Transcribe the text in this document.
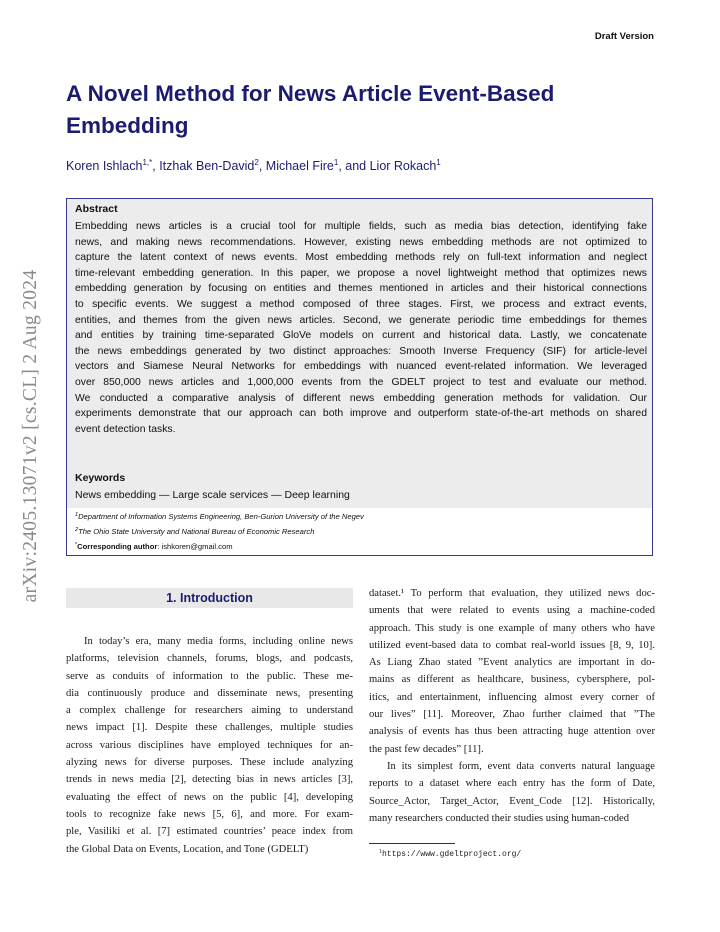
Draft Version
arXiv:2405.13071v2 [cs.CL] 2 Aug 2024
A Novel Method for News Article Event-Based Embedding
Koren Ishlach$^{1,*}$, Itzhak Ben-David$^2$, Michael Fire$^1$, and Lior Rokach$^1$
Abstract
Embedding news articles is a crucial tool for multiple fields, such as media bias detection, identifying fake
news, and making news recommendations. However, existing news embedding methods are not optimized to
capture the latent context of news events. Most embedding methods rely on full-text information and neglect
time-relevant embedding generation. In this paper, we propose a novel lightweight method that optimizes news
embedding generation by focusing on entities and themes mentioned in articles and their historical connections
to specific events. We suggest a method composed of three stages. First, we process and extract events,
entities, and themes from the given news articles. Second, we generate periodic time embeddings for themes
and entities by training time-separated GloVe models on current and historical data. Lastly, we concatenate
the news embeddings generated by two distinct approaches: Smooth Inverse Frequency (SIF) for article-level
vectors and Siamese Neural Networks for embeddings with nuanced event-related information. We leveraged
over 850,000 news articles and 1,000,000 events from the GDELT project to test and evaluate our method.
We conducted a comparative analysis of different news embedding generation methods for validation. Our
experiments demonstrate that our approach can both improve and outperform state-of-the-art methods on shared
event detection tasks.
Keywords
News embedding — Large scale services — Deep learning
$^1$Department of Information Systems Engineering, Ben-Gurion University of the Negev
$^2$The Ohio State University and National Bureau of Economic Research
*Corresponding author: ishkoren@gmail.com
1. Introduction
In today’s era, many media forms, including online news
platforms, television channels, forums, blogs, and podcasts,
serve as conduits of information to the public. These me-
dia continuously produce and disseminate news, presenting
a complex challenge for researchers aiming to understand
news impact [1]. Despite these challenges, multiple studies
across various disciplines have employed techniques for an-
alyzing news for diverse purposes. These include analyzing
trends in news media [2], detecting bias in news articles [3],
evaluating the effect of news on the public [4], developing
tools to recognize fake news [5, 6], and more. For exam-
ple, Vasiliki et al. [7] estimated countries’ peace index from
the Global Data on Events, Location, and Tone (GDELT)
dataset.¹ To perform that evaluation, they utilized news doc-
uments that were related to events using a machine-coded
approach. This study is one example of many others who have
utilized event-based data to combat real-world issues [8, 9, 10].
As Liang Zhao stated ”Event analytics are important in do-
mains as different as healthcare, business, cybersphere, pol-
itics, and entertainment, influencing almost every corner of
our lives” [11]. Moreover, Zhao further claimed that ”The
analysis of events has thus been attracting huge attention over
the past few decades” [11].
In its simplest form, event data converts natural language
reports to a dataset where each entry has the form of Date,
Source_Actor, Target_Actor, Event_Code [12]. Historically,
many researchers conducted their studies using human-coded
$^1$https://www.gdeltproject.org/
